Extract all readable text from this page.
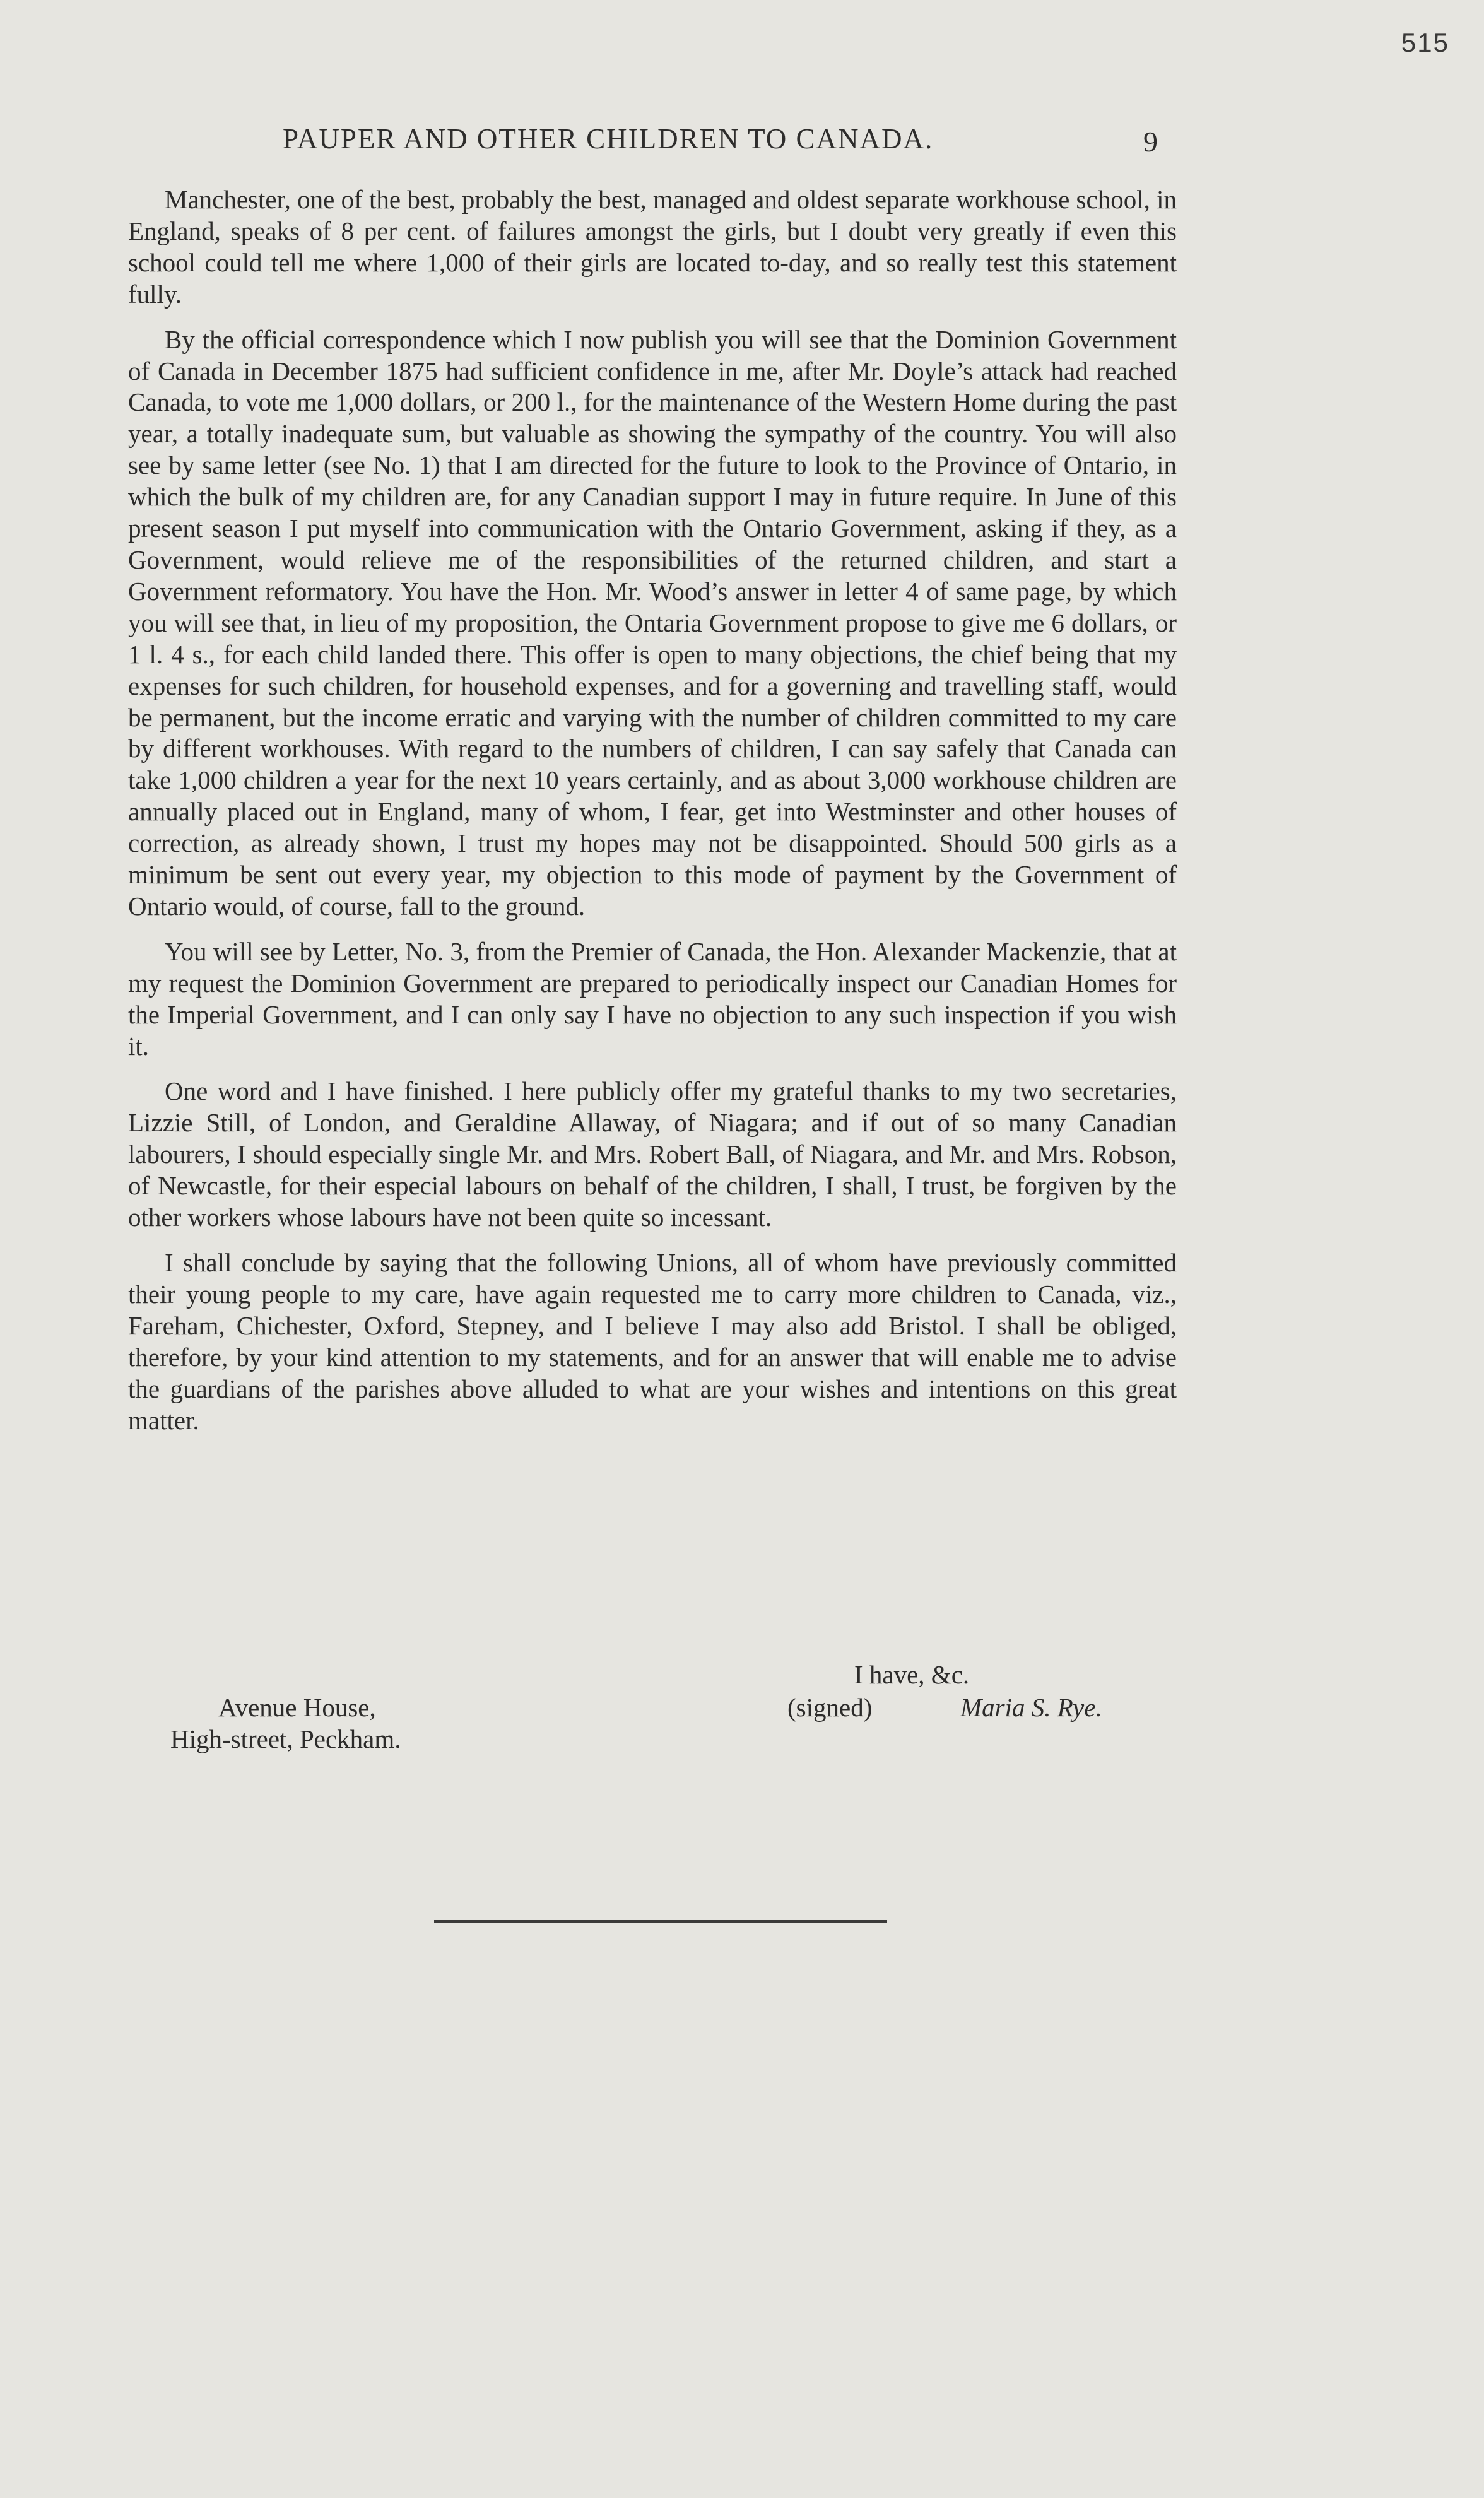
515
PAUPER AND OTHER CHILDREN TO CANADA.	9

Manchester, one of the best, probably the best, managed and oldest separate workhouse school, in England, speaks of 8 per cent. of failures amongst the girls, but I doubt very greatly if even this school could tell me where 1,000 of their girls are located to-day, and so really test this statement fully.

By the official correspondence which I now publish you will see that the Dominion Government of Canada in December 1875 had sufficient confidence in me, after Mr. Doyle’s attack had reached Canada, to vote me 1,000 dollars, or 200 l., for the maintenance of the Western Home during the past year, a totally inadequate sum, but valuable as showing the sympathy of the country. You will also see by same letter (see No. 1) that I am directed for the future to look to the Province of Ontario, in which the bulk of my children are, for any Canadian support I may in future require. In June of this present season I put myself into communication with the Ontario Government, asking if they, as a Government, would relieve me of the responsibilities of the returned children, and start a Government reformatory. You have the Hon. Mr. Wood’s answer in letter 4 of same page, by which you will see that, in lieu of my proposition, the Ontaria Government propose to give me 6 dollars, or 1 l. 4 s., for each child landed there. This offer is open to many objections, the chief being that my expenses for such children, for household expenses, and for a governing and travelling staff, would be permanent, but the income erratic and varying with the number of children committed to my care by different workhouses. With regard to the numbers of children, I can say safely that Canada can take 1,000 children a year for the next 10 years certainly, and as about 3,000 workhouse children are annually placed out in England, many of whom, I fear, get into Westminster and other houses of correction, as already shown, I trust my hopes may not be disappointed. Should 500 girls as a minimum be sent out every year, my objection to this mode of payment by the Government of Ontario would, of course, fall to the ground.

You will see by Letter, No. 3, from the Premier of Canada, the Hon. Alexander Mackenzie, that at my request the Dominion Government are prepared to periodically inspect our Canadian Homes for the Imperial Government, and I can only say I have no objection to any such inspection if you wish it.

One word and I have finished. I here publicly offer my grateful thanks to my two secretaries, Lizzie Still, of London, and Geraldine Allaway, of Niagara; and if out of so many Canadian labourers, I should especially single Mr. and Mrs. Robert Ball, of Niagara, and Mr. and Mrs. Robson, of Newcastle, for their especial labours on behalf of the children, I shall, I trust, be forgiven by the other workers whose labours have not been quite so incessant.

I shall conclude by saying that the following Unions, all of whom have previously committed their young people to my care, have again requested me to carry more children to Canada, viz., Fareham, Chichester, Oxford, Stepney, and I believe I may also add Bristol. I shall be obliged, therefore, by your kind attention to my statements, and for an answer that will enable me to advise the guardians of the parishes above alluded to what are your wishes and intentions on this great matter.

I have, &c.
(signed)	Maria S. Rye.
Avenue House,
High-street, Peckham.
